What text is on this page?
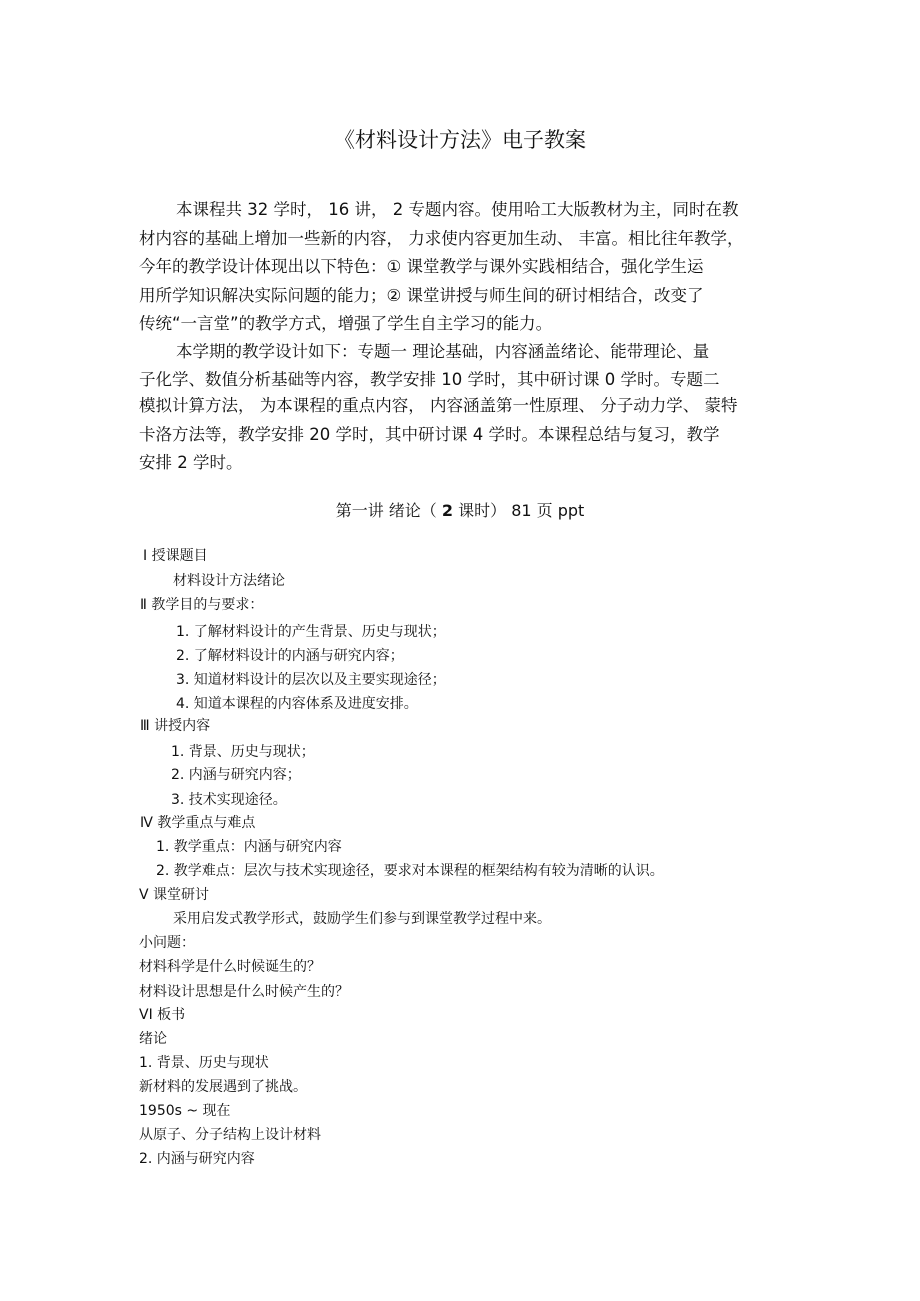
《材料设计方法》电子教案
本课程共 32 学时， 16 讲， 2 专题内容。使用哈工大版教材为主，同时在教
材内容的基础上增加一些新的内容， 力求使内容更加生动、 丰富。相比往年教学，
今年的教学设计体现出以下特色：① 课堂教学与课外实践相结合，强化学生运
用所学知识解决实际问题的能力；② 课堂讲授与师生间的研讨相结合，改变了
传统“一言堂”的教学方式，增强了学生自主学习的能力。
本学期的教学设计如下：专题一 理论基础，内容涵盖绪论、能带理论、量
子化学、数值分析基础等内容，教学安排 10 学时，其中研讨课 0 学时。专题二
模拟计算方法， 为本课程的重点内容， 内容涵盖第一性原理、 分子动力学、 蒙特
卡洛方法等，教学安排 20 学时，其中研讨课 4 学时。本课程总结与复习，教学
安排 2 学时。
第一讲 绪论（ 2 课时） 81 页 ppt
Ⅰ 授课题目
材料设计方法绪论
Ⅱ 教学目的与要求：
1. 了解材料设计的产生背景、历史与现状；
2. 了解材料设计的内涵与研究内容；
3. 知道材料设计的层次以及主要实现途径；
4. 知道本课程的内容体系及进度安排。
Ⅲ 讲授内容
1. 背景、历史与现状；
2. 内涵与研究内容；
3. 技术实现途径。
Ⅳ 教学重点与难点
1. 教学重点：内涵与研究内容
2. 教学难点：层次与技术实现途径，要求对本课程的框架结构有较为清晰的认识。
V 课堂研讨
采用启发式教学形式，鼓励学生们参与到课堂教学过程中来。
小问题：
材料科学是什么时候诞生的？
材料设计思想是什么时候产生的？
VI 板书
绪论
1. 背景、历史与现状
新材料的发展遇到了挑战。
1950s ~ 现在
从原子、分子结构上设计材料
2. 内涵与研究内容
